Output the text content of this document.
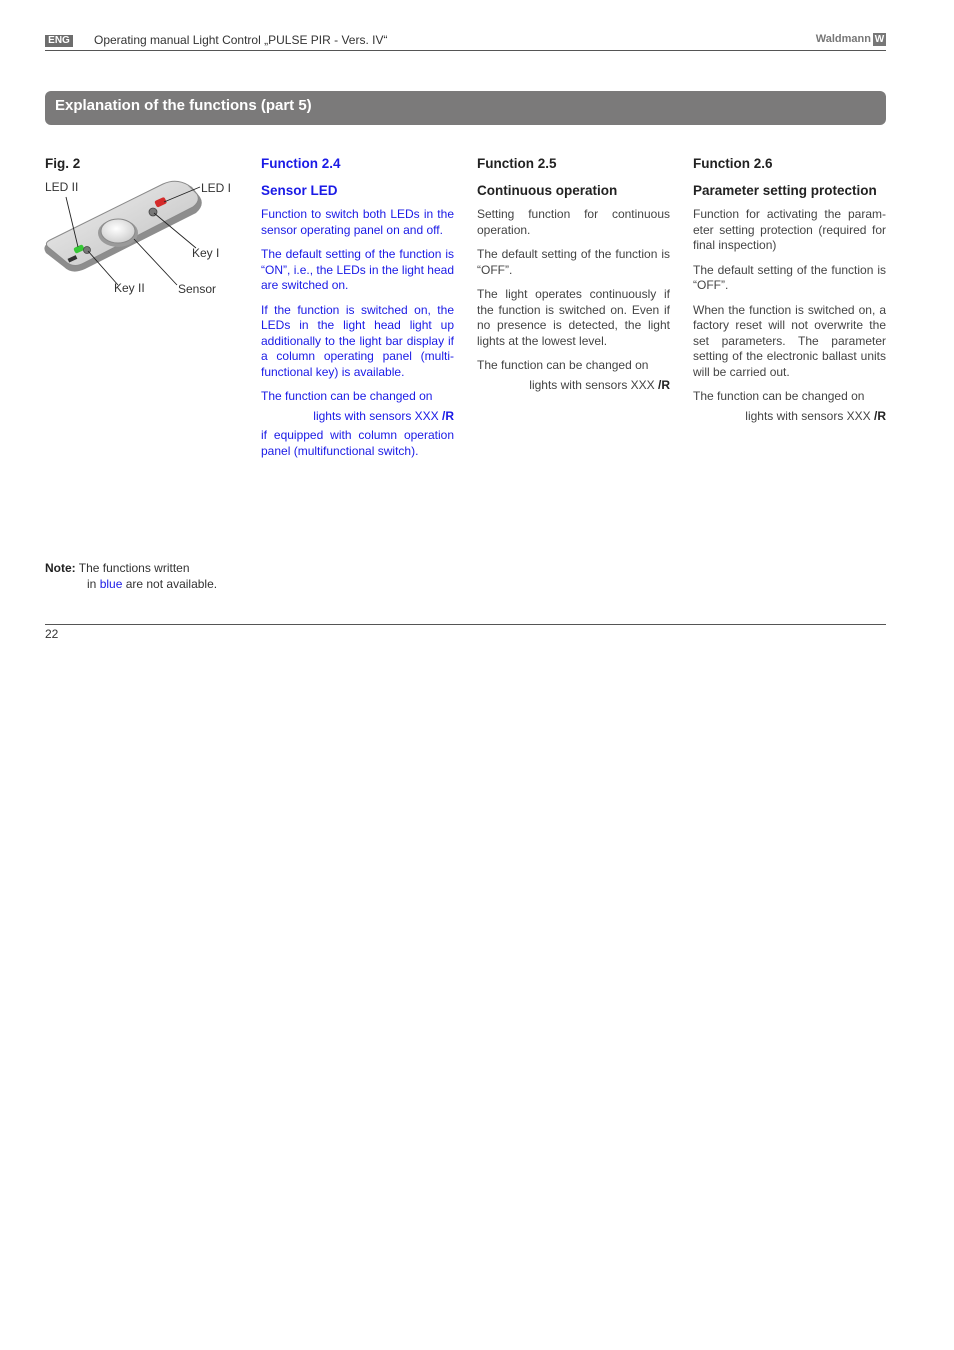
ENG Operating manual Light Control „PULSE PIR - Vers. IV“	Waldmann W
Explanation of the functions (part 5)
Fig. 2
LED II	LED I
Key I
Key II	Sensor
Function 2.4
Sensor LED

Function to switch both LEDs in the sensor operating panel on and off.

The default setting of the function is “ON”, i.e., the LEDs in the light head are switched on.

If the function is switched on, the LEDs in the light head light up additionally to the light bar display if a column operating panel (multi-functional key) is available.

The function can be changed on

lights with sensors XXX /R

if equipped with column operation panel (multifunctional switch).

Function 2.5
Continuous operation

Setting function for continuous operation.

The default setting of the function is “OFF”.

The light operates continuously if the function is switched on. Even if no presence is detected, the light lights at the lowest level.

The function can be changed on

lights with sensors XXX /R

Function 2.6
Parameter setting protection

Function for activating the param-eter setting protection (required for final inspection)

The default setting of the function is “OFF”.

When the function is switched on, a factory reset will not overwrite the set parameters. The parameter setting of the electronic ballast units will be carried out.

The function can be changed on

lights with sensors XXX /R

Note: The functions written
in blue are not available.
22
